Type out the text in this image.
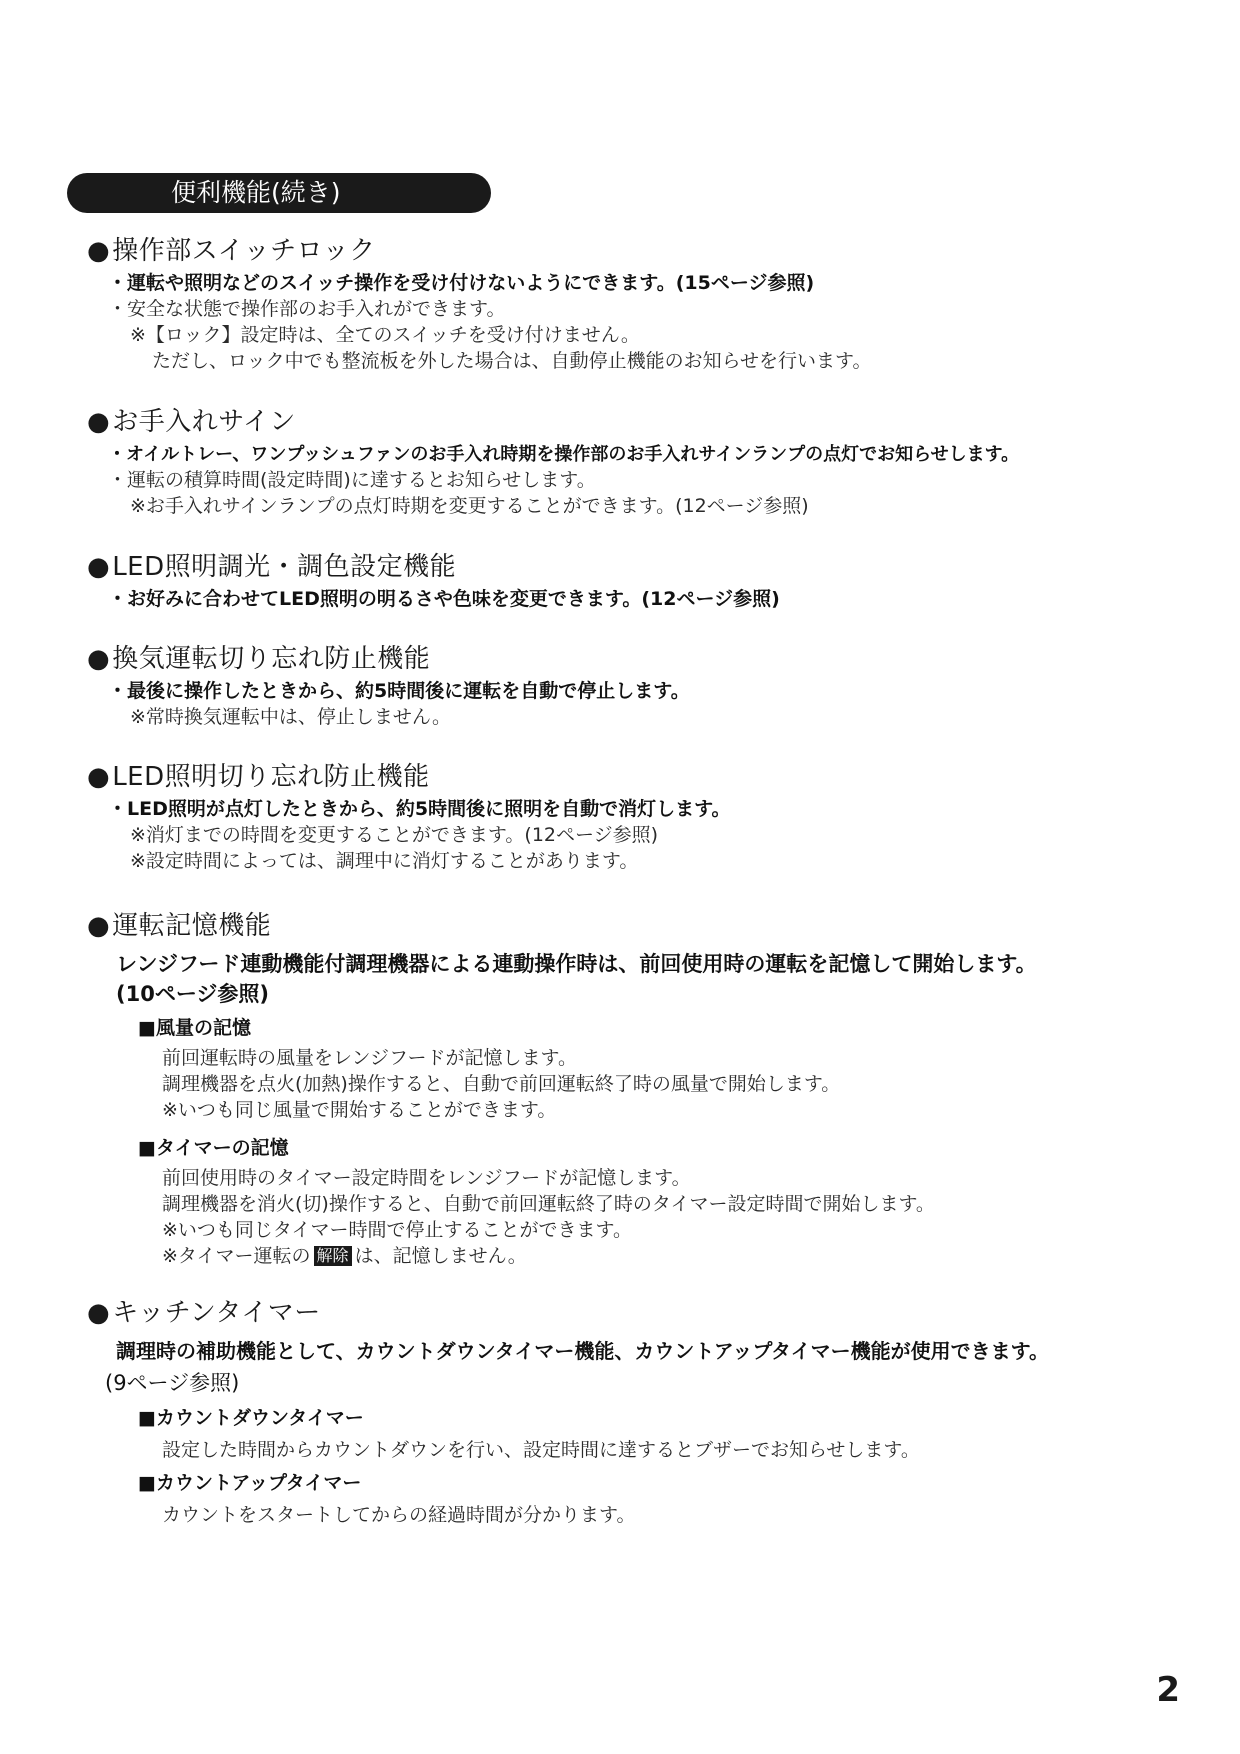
便利機能(続き)
●操作部スイッチロック
・運転や照明などのスイッチ操作を受け付けないようにできます。(15ページ参照)
・安全な状態で操作部のお手入れができます。
※【ロック】設定時は、全てのスイッチを受け付けません。
ただし、ロック中でも整流板を外した場合は、自動停止機能のお知らせを行います。
●お手入れサイン
・オイルトレー、ワンプッシュファンのお手入れ時期を操作部のお手入れサインランプの点灯でお知らせします。
・運転の積算時間(設定時間)に達するとお知らせします。
※お手入れサインランプの点灯時期を変更することができます。(12ページ参照)
●LED照明調光・調色設定機能
・お好みに合わせてLED照明の明るさや色味を変更できます。(12ページ参照)
●換気運転切り忘れ防止機能
・最後に操作したときから、約5時間後に運転を自動で停止します。
※常時換気運転中は、停止しません。
●LED照明切り忘れ防止機能
・LED照明が点灯したときから、約5時間後に照明を自動で消灯します。
※消灯までの時間を変更することができます。(12ページ参照)
※設定時間によっては、調理中に消灯することがあります。
●運転記憶機能
レンジフード連動機能付調理機器による連動操作時は、前回使用時の運転を記憶して開始します。
(10ページ参照)
■風量の記憶
前回運転時の風量をレンジフードが記憶します。
調理機器を点火(加熱)操作すると、自動で前回運転終了時の風量で開始します。
※いつも同じ風量で開始することができます。
■タイマーの記憶
前回使用時のタイマー設定時間をレンジフードが記憶します。
調理機器を消火(切)操作すると、自動で前回運転終了時のタイマー設定時間で開始します。
※いつも同じタイマー時間で停止することができます。
※タイマー運転の 解除 は、記憶しません。
●キッチンタイマー
調理時の補助機能として、カウントダウンタイマー機能、カウントアップタイマー機能が使用できます。
(9ページ参照)
■カウントダウンタイマー
設定した時間からカウントダウンを行い、設定時間に達するとブザーでお知らせします。
■カウントアップタイマー
カウントをスタートしてからの経過時間が分かります。
2
